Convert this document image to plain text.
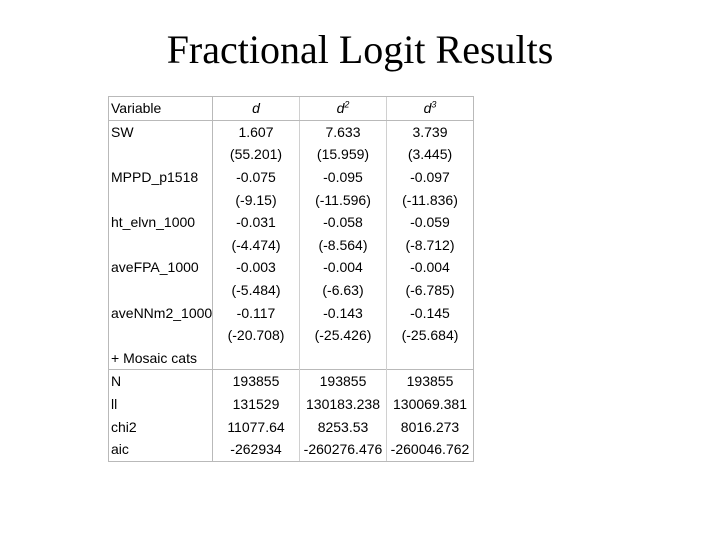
Fractional Logit Results
Variable	d	$d^2$	$d^3$
SW	1.607	7.633	3.739
	(55.201)	(15.959)	(3.445)
MPPD_p1518	-0.075	-0.095	-0.097
	(-9.15)	(-11.596)	(-11.836)
ht_elvn_1000	-0.031	-0.058	-0.059
	(-4.474)	(-8.564)	(-8.712)
aveFPA_1000	-0.003	-0.004	-0.004
	(-5.484)	(-6.63)	(-6.785)
aveNNm2_1000	-0.117	-0.143	-0.145
	(-20.708)	(-25.426)	(-25.684)
+ Mosaic cats			
N	193855	193855	193855
ll	131529	130183.238	130069.381
chi2	11077.64	8253.53	8016.273
aic	-262934	-260276.476	-260046.762
